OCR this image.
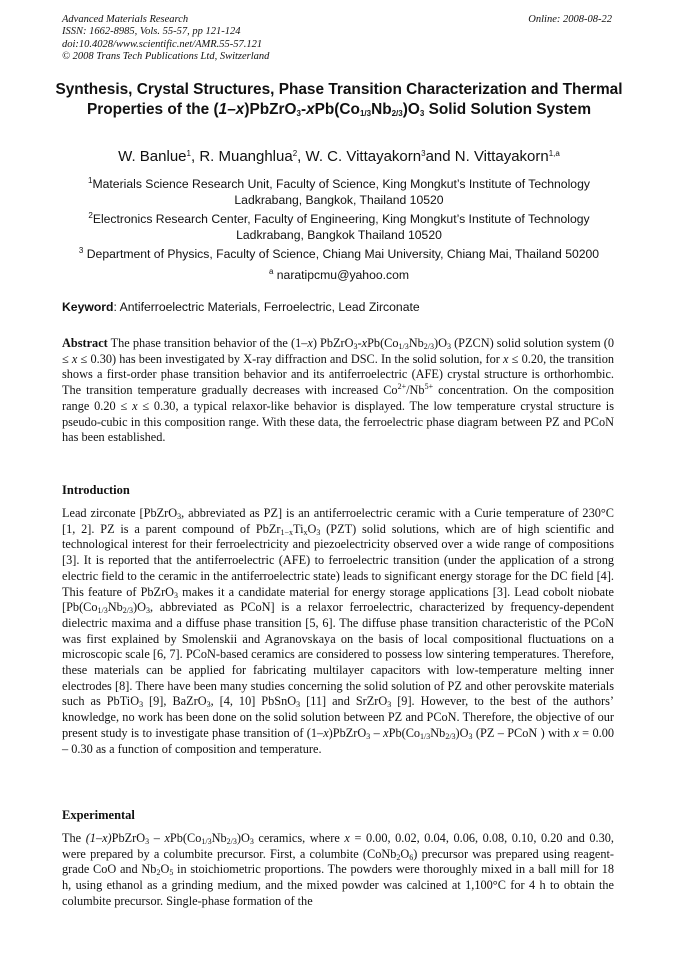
Advanced Materials Research
ISSN: 1662-8985, Vols. 55-57, pp 121-124
doi:10.4028/www.scientific.net/AMR.55-57.121
© 2008 Trans Tech Publications Ltd, Switzerland
Online: 2008-08-22
Synthesis, Crystal Structures, Phase Transition Characterization and Thermal Properties of the $(1-x)PbZrO_3-xPb(Co_{1/3}Nb_{2/3})O_3$ Solid Solution System
W. Banlue$^1$, R. Muanghlua$^2$, W. C. Vittayakorn$^3$and N. Vittayakorn$^{1,a}$
$^1$Materials Science Research Unit, Faculty of Science, King Mongkut’s Institute of Technology Ladkrabang, Bangkok, Thailand 10520
$^2$Electronics Research Center, Faculty of Engineering, King Mongkut’s Institute of Technology Ladkrabang, Bangkok Thailand 10520
$^3$ Department of Physics, Faculty of Science, Chiang Mai University, Chiang Mai, Thailand 50200
$^a$ naratipcmu@yahoo.com
Keyword: Antiferroelectric Materials, Ferroelectric, Lead Zirconate
Abstract The phase transition behavior of the (1–x) $PbZrO_3-xPb(Co_{1/3}Nb_{2/3})O_3$ (PZCN) solid solution system (0 ≤ x ≤ 0.30) has been investigated by X-ray diffraction and DSC. In the solid solution, for x ≤ 0.20, the transition shows a first-order phase transition behavior and its antiferroelectric (AFE) crystal structure is orthorhombic. The transition temperature gradually decreases with increased $Co^{2+}/Nb^{5+}$ concentration. On the composition range 0.20 ≤ x ≤ 0.30, a typical relaxor-like behavior is displayed. The low temperature crystal structure is pseudo-cubic in this composition range. With these data, the ferroelectric phase diagram between PZ and PCoN has been established.
Introduction
Lead zirconate [PbZrO$_3$, abbreviated as PZ] is an antiferroelectric ceramic with a Curie temperature of 230°C [1, 2]. PZ is a parent compound of $PbZr_{1-x}Ti_xO_3$ (PZT) solid solutions, which are of high scientific and technological interest for their ferroelectricity and piezoelectricity observed over a wide range of compositions [3]. It is reported that the antiferroelectric (AFE) to ferroelectric transition (under the application of a strong electric field to the ceramic in the antiferroelectric state) leads to significant energy storage for the DC field [4]. This feature of PbZrO$_3$ makes it a candidate material for energy storage applications [3]. Lead cobolt niobate [$Pb(Co_{1/3}Nb_{2/3})O_3$, abbreviated as PCoN] is a relaxor ferroelectric, characterized by frequency-dependent dielectric maxima and a diffuse phase transition [5, 6]. The diffuse phase transition characteristic of the PCoN was first explained by Smolenskii and Agranovskaya on the basis of local compositional fluctuations on a microscopic scale [6, 7]. PCoN-based ceramics are considered to possess low sintering temperatures. Therefore, these materials can be applied for fabricating multilayer capacitors with low-temperature melting inner electrodes [8]. There have been many studies concerning the solid solution of PZ and other perovskite materials such as PbTiO$_3$ [9], BaZrO$_3$, [4, 10] PbSnO$_3$ [11] and SrZrO$_3$ [9]. However, to the best of the authors’ knowledge, no work has been done on the solid solution between PZ and PCoN. Therefore, the objective of our present study is to investigate phase transition of (1–x)PbZrO$_3$ – $xPb(Co_{1/3}Nb_{2/3})O_3$ (PZ – PCoN ) with x = 0.00 – 0.30 as a function of composition and temperature.
Experimental
The (1–x)PbZrO$_3$ – $xPb(Co_{1/3}Nb_{2/3})O_3$ ceramics, where x = 0.00, 0.02, 0.04, 0.06, 0.08, 0.10, 0.20 and 0.30, were prepared by a columbite precursor. First, a columbite $(CoNb_2O_6)$ precursor was prepared using reagent-grade CoO and $Nb_2O_5$ in stoichiometric proportions. The powders were thoroughly mixed in a ball mill for 18 h, using ethanol as a grinding medium, and the mixed powder was calcined at 1,100°C for 4 h to obtain the columbite precursor. Single-phase formation of the
